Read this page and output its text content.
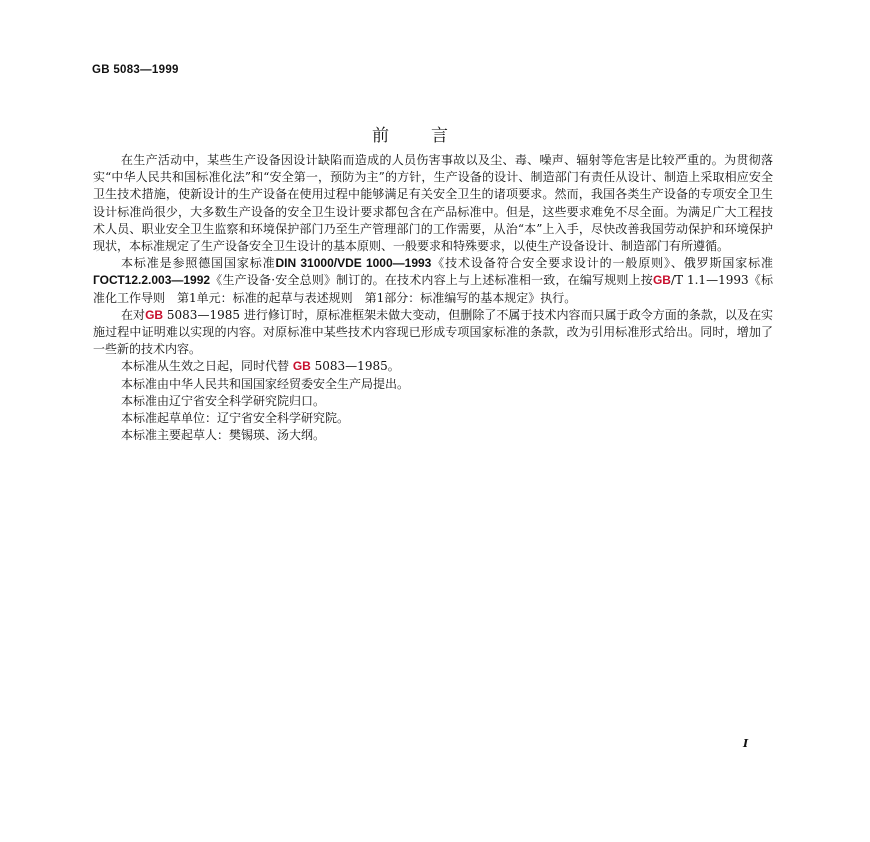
GB 5083—1999
前言

在生产活动中，某些生产设备因设计缺陷而造成的人员伤害事故以及尘、毒、噪声、辐射等危害是比较严重的。为贯彻落实“中华人民共和国标准化法”和“安全第一，预防为主”的方针，生产设备的设计、制造部门有责任从设计、制造上采取相应安全卫生技术措施，使新设计的生产设备在使用过程中能够满足有关安全卫生的诸项要求。然而，我国各类生产设备的专项安全卫生设计标准尚很少，大多数生产设备的安全卫生设计要求都包含在产品标准中。但是，这些要求难免不尽全面。为满足广大工程技术人员、职业安全卫生监察和环境保护部门乃至生产管理部门的工作需要，从治“本”上入手，尽快改善我国劳动保护和环境保护现状，本标准规定了生产设备安全卫生设计的基本原则、一般要求和特殊要求，以使生产设备设计、制造部门有所遵循。

本标准是参照德国国家标准DIN 31000/VDE 1000—1993《技术设备符合安全要求设计的一般原则》、俄罗斯国家标准ГОСТ12.2.003—1992《生产设备·安全总则》制订的。在技术内容上与上述标准相一致，在编写规则上按GB/T 1.1—1993《标准化工作导则　第1单元：标准的起草与表述规则　第1部分：标准编写的基本规定》执行。

在对GB 5083—1985 进行修订时，原标准框架未做大变动，但删除了不属于技术内容而只属于政令方面的条款，以及在实施过程中证明难以实现的内容。对原标准中某些技术内容现已形成专项国家标准的条款，改为引用标准形式给出。同时，增加了一些新的技术内容。

本标准从生效之日起，同时代替 GB 5083—1985。

本标准由中华人民共和国国家经贸委安全生产局提出。

本标准由辽宁省安全科学研究院归口。

本标准起草单位：辽宁省安全科学研究院。

本标准主要起草人：樊锡瑛、汤大纲。

I
